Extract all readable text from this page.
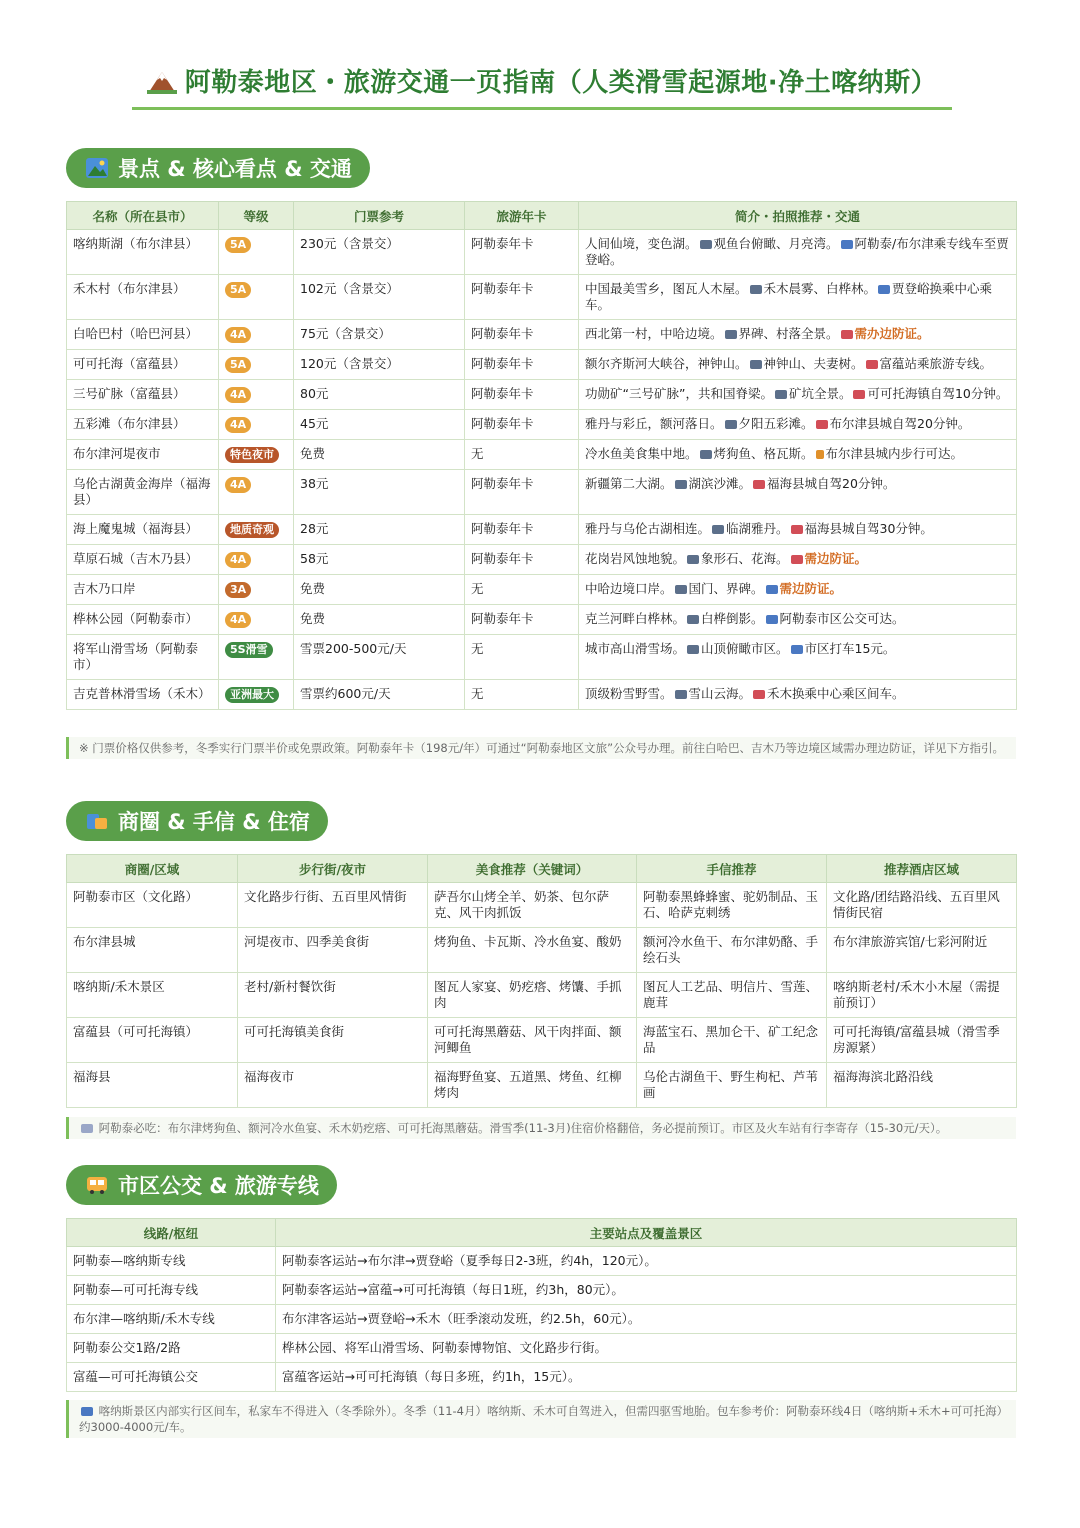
阿勒泰地区・旅游交通一页指南（人类滑雪起源地·净土喀纳斯）
景点 & 核心看点 & 交通
名称（所在县市）	等级	门票参考	旅游年卡	简介・拍照推荐・交通
喀纳斯湖（布尔津县）	5A	230元（含景交）	阿勒泰年卡	人间仙境，变色湖。 观鱼台俯瞰、月亮湾。 阿勒泰/布尔津乘专线车至贾登峪。
禾木村（布尔津县）	5A	102元（含景交）	阿勒泰年卡	中国最美雪乡，图瓦人木屋。 禾木晨雾、白桦林。 贾登峪换乘中心乘车。
白哈巴村（哈巴河县）	4A	75元（含景交）	阿勒泰年卡	西北第一村，中哈边境。 界碑、村落全景。 需办边防证。
可可托海（富蕴县）	5A	120元（含景交）	阿勒泰年卡	额尔齐斯河大峡谷，神钟山。 神钟山、夫妻树。 富蕴站乘旅游专线。
三号矿脉（富蕴县）	4A	80元	阿勒泰年卡	功勋矿“三号矿脉”，共和国脊梁。 矿坑全景。 可可托海镇自驾10分钟。
五彩滩（布尔津县）	4A	45元	阿勒泰年卡	雅丹与彩丘，额河落日。 夕阳五彩滩。 布尔津县城自驾20分钟。
布尔津河堤夜市	特色夜市	免费	无	冷水鱼美食集中地。 烤狗鱼、格瓦斯。 布尔津县城内步行可达。
乌伦古湖黄金海岸（福海县）	4A	38元	阿勒泰年卡	新疆第二大湖。 湖滨沙滩。 福海县城自驾20分钟。
海上魔鬼城（福海县）	地质奇观	28元	阿勒泰年卡	雅丹与乌伦古湖相连。 临湖雅丹。 福海县城自驾30分钟。
草原石城（吉木乃县）	4A	58元	阿勒泰年卡	花岗岩风蚀地貌。 象形石、花海。 需边防证。
吉木乃口岸	3A	免费	无	中哈边境口岸。 国门、界碑。 需边防证。
桦林公园（阿勒泰市）	4A	免费	阿勒泰年卡	克兰河畔白桦林。 白桦倒影。 阿勒泰市区公交可达。
将军山滑雪场（阿勒泰市）	5S滑雪	雪票200-500元/天	无	城市高山滑雪场。 山顶俯瞰市区。 市区打车15元。
吉克普林滑雪场（禾木）	亚洲最大	雪票约600元/天	无	顶级粉雪野雪。 雪山云海。 禾木换乘中心乘区间车。
※ 门票价格仅供参考，冬季实行门票半价或免票政策。阿勒泰年卡（198元/年）可通过“阿勒泰地区文旅”公众号办理。前往白哈巴、吉木乃等边境区域需办理边防证，详见下方指引。
商圈 & 手信 & 住宿
商圈/区域	步行街/夜市	美食推荐（关键词）	手信推荐	推荐酒店区域
阿勒泰市区（文化路）	文化路步行街、五百里风情街	萨吾尔山烤全羊、奶茶、包尔萨克、风干肉抓饭	阿勒泰黑蜂蜂蜜、驼奶制品、玉石、哈萨克刺绣	文化路/团结路沿线、五百里风情街民宿
布尔津县城	河堤夜市、四季美食街	烤狗鱼、卡瓦斯、冷水鱼宴、酸奶	额河冷水鱼干、布尔津奶酪、手绘石头	布尔津旅游宾馆/七彩河附近
喀纳斯/禾木景区	老村/新村餐饮街	图瓦人家宴、奶疙瘩、烤馕、手抓肉	图瓦人工艺品、明信片、雪莲、鹿茸	喀纳斯老村/禾木小木屋（需提前预订）
富蕴县（可可托海镇）	可可托海镇美食街	可可托海黑蘑菇、风干肉拌面、额河鲫鱼	海蓝宝石、黑加仑干、矿工纪念品	可可托海镇/富蕴县城（滑雪季房源紧）
福海县	福海夜市	福海野鱼宴、五道黑、烤鱼、红柳烤肉	乌伦古湖鱼干、野生枸杞、芦苇画	福海海滨北路沿线
阿勒泰必吃：布尔津烤狗鱼、额河冷水鱼宴、禾木奶疙瘩、可可托海黑蘑菇。滑雪季(11-3月)住宿价格翻倍，务必提前预订。市区及火车站有行李寄存（15-30元/天）。
市区公交 & 旅游专线
线路/枢纽	主要站点及覆盖景区
阿勒泰—喀纳斯专线	阿勒泰客运站→布尔津→贾登峪（夏季每日2-3班，约4h，120元）。
阿勒泰—可可托海专线	阿勒泰客运站→富蕴→可可托海镇（每日1班，约3h，80元）。
布尔津—喀纳斯/禾木专线	布尔津客运站→贾登峪→禾木（旺季滚动发班，约2.5h，60元）。
阿勒泰公交1路/2路	桦林公园、将军山滑雪场、阿勒泰博物馆、文化路步行街。
富蕴—可可托海镇公交	富蕴客运站→可可托海镇（每日多班，约1h，15元）。
喀纳斯景区内部实行区间车，私家车不得进入（冬季除外）。冬季（11-4月）喀纳斯、禾木可自驾进入，但需四驱雪地胎。包车参考价：阿勒泰环线4日（喀纳斯+禾木+可可托海）约3000-4000元/车。
